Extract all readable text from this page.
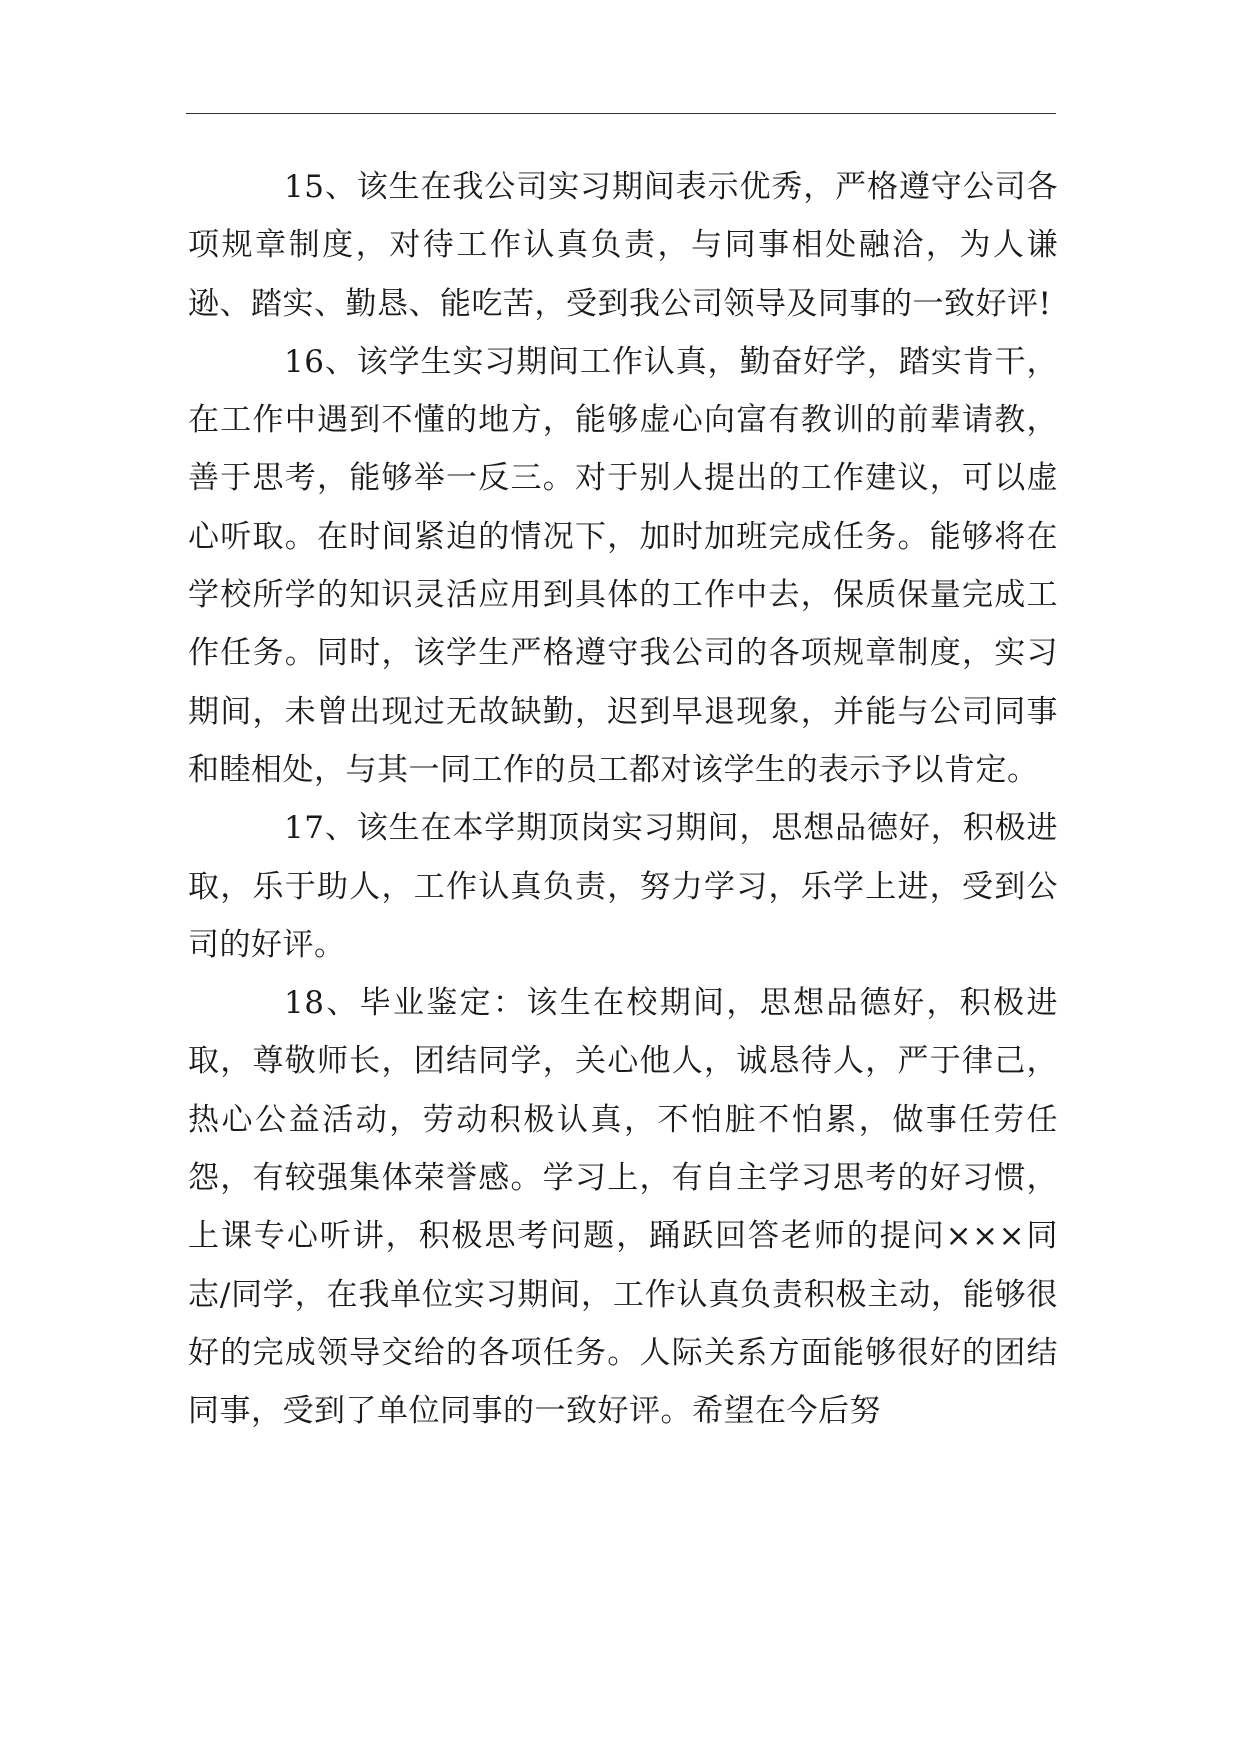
15、该生在我公司实习期间表示优秀，严格遵守公司各项规章制度，对待工作认真负责，与同事相处融洽，为人谦逊、踏实、勤恳、能吃苦，受到我公司领导及同事的一致好评!

16、该学生实习期间工作认真，勤奋好学，踏实肯干，在工作中遇到不懂的地方，能够虚心向富有教训的前辈请教，善于思考，能够举一反三。对于别人提出的工作建议，可以虚心听取。在时间紧迫的情况下，加时加班完成任务。能够将在学校所学的知识灵活应用到具体的工作中去，保质保量完成工作任务。同时，该学生严格遵守我公司的各项规章制度，实习期间，未曾出现过无故缺勤，迟到早退现象，并能与公司同事和睦相处，与其一同工作的员工都对该学生的表示予以肯定。

17、该生在本学期顶岗实习期间，思想品德好，积极进取，乐于助人，工作认真负责，努力学习，乐学上进，受到公司的好评。

18、毕业鉴定：该生在校期间，思想品德好，积极进取，尊敬师长，团结同学，关心他人，诚恳待人，严于律己，热心公益活动，劳动积极认真，不怕脏不怕累，做事任劳任怨，有较强集体荣誉感。学习上，有自主学习思考的好习惯，上课专心听讲，积极思考问题，踊跃回答老师的提问×××同志/同学，在我单位实习期间，工作认真负责积极主动，能够很好的完成领导交给的各项任务。人际关系方面能够很好的团结同事，受到了单位同事的一致好评。希望在今后努
